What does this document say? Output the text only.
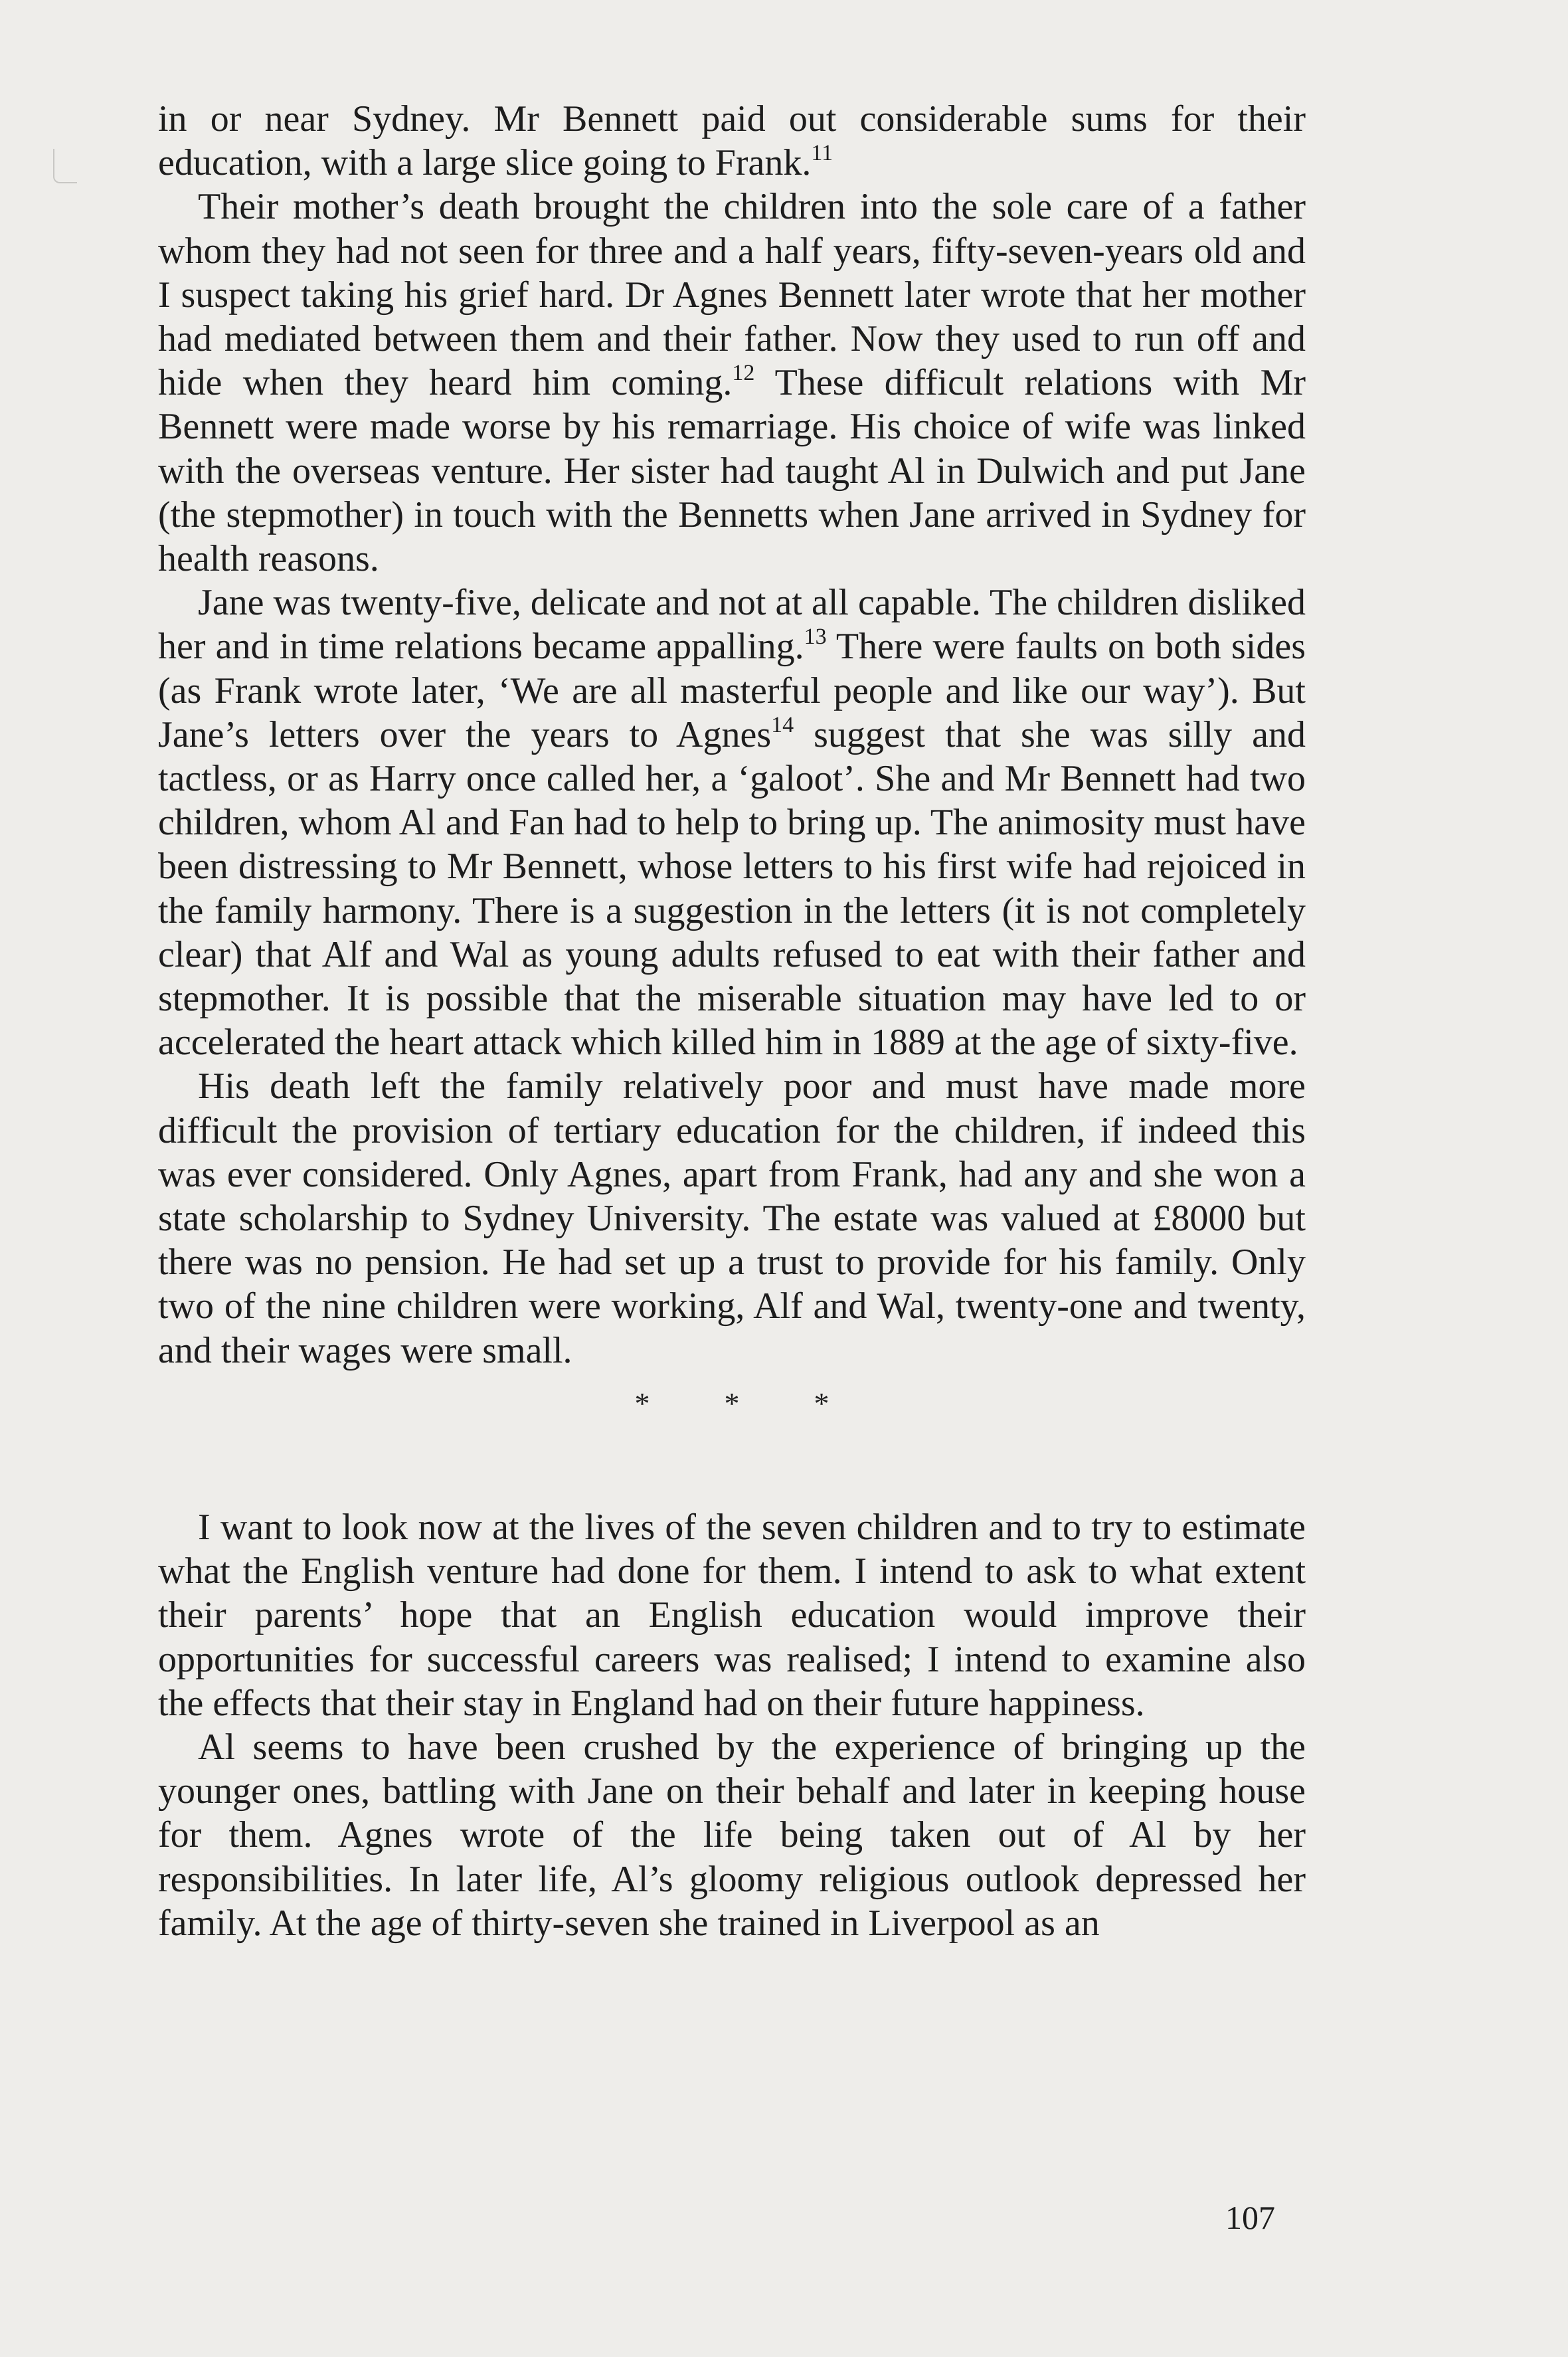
in or near Sydney. Mr Bennett paid out considerable sums for their education, with a large slice going to Frank.$^{11}$

Their mother’s death brought the children into the sole care of a father whom they had not seen for three and a half years, fifty-seven-years old and I suspect taking his grief hard. Dr Agnes Bennett later wrote that her mother had mediated between them and their father. Now they used to run off and hide when they heard him coming.$^{12}$ These difficult relations with Mr Bennett were made worse by his remarriage. His choice of wife was linked with the overseas venture. Her sister had taught Al in Dulwich and put Jane (the stepmother) in touch with the Bennetts when Jane arrived in Sydney for health reasons.

Jane was twenty-five, delicate and not at all capable. The children disliked her and in time relations became appalling.$^{13}$ There were faults on both sides (as Frank wrote later, ‘We are all masterful people and like our way’). But Jane’s letters over the years to Agnes$^{14}$ suggest that she was silly and tactless, or as Harry once called her, a ‘galoot’. She and Mr Bennett had two children, whom Al and Fan had to help to bring up. The animosity must have been distressing to Mr Bennett, whose letters to his first wife had rejoiced in the family harmony. There is a suggestion in the letters (it is not completely clear) that Alf and Wal as young adults refused to eat with their father and stepmother. It is possible that the miserable situation may have led to or accelerated the heart attack which killed him in 1889 at the age of sixty-five.

His death left the family relatively poor and must have made more difficult the provision of tertiary education for the children, if indeed this was ever considered. Only Agnes, apart from Frank, had any and she won a state scholarship to Sydney University. The estate was valued at £8000 but there was no pension. He had set up a trust to provide for his family. Only two of the nine children were working, Alf and Wal, twenty-one and twenty, and their wages were small.

* * *

I want to look now at the lives of the seven children and to try to estimate what the English venture had done for them. I intend to ask to what extent their parents’ hope that an English education would improve their opportunities for successful careers was realised; I intend to examine also the effects that their stay in England had on their future happiness.

Al seems to have been crushed by the experience of bringing up the younger ones, battling with Jane on their behalf and later in keeping house for them. Agnes wrote of the life being taken out of Al by her responsibilities. In later life, Al’s gloomy religious outlook depressed her family. At the age of thirty-seven she trained in Liverpool as an

107
